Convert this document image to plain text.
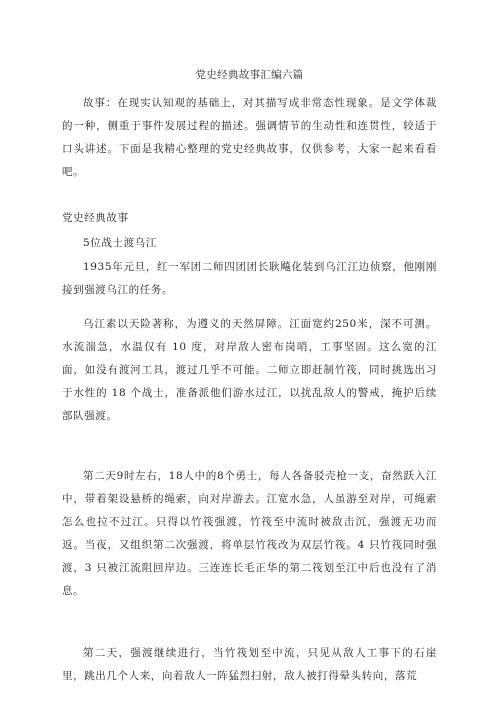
党史经典故事汇编六篇

故事：在现实认知观的基础上，对其描写成非常态性现象。是文学体裁的一种，侧重于事件发展过程的描述。强调情节的生动性和连贯性，较适于口头讲述。下面是我精心整理的党史经典故事，仅供参考，大家一起来看看吧。

党史经典故事

5位战士渡乌江

1935年元旦，红一军团二师四团团长耿飚化装到乌江江边侦察，他刚刚接到强渡乌江的任务。

乌江素以天险著称，为遵义的天然屏障。江面宽约250米，深不可测。水流湍急，水温仅有 10 度，对岸敌人密布岗哨，工事坚固。这么宽的江面，如没有渡河工具，渡过几乎不可能。二师立即赶制竹筏，同时挑选出习于水性的 18 个战士，准备派他们游水过江，以扰乱敌人的警戒，掩护后续部队强渡。

第二天9时左右，18人中的8个勇士，每人各备驳壳枪一支，奋然跃入江中，带着架设悬桥的绳索，向对岸游去。江宽水急，人虽游至对岸，可绳索怎么也拉不过江。只得以竹筏强渡，竹筏至中流时被敌击沉，强渡无功而返。当夜，又组织第二次强渡，将单层竹筏改为双层竹筏。4 只竹筏同时强渡，3 只被江流阻回岸边。三连连长毛正华的第二筏划至江中后也没有了消息。

第二天，强渡继续进行，当竹筏划至中流，只见从敌人工事下的石崖里，跳出几个人来，向着敌人一阵猛烈扫射，敌人被打得晕头转向，落荒
